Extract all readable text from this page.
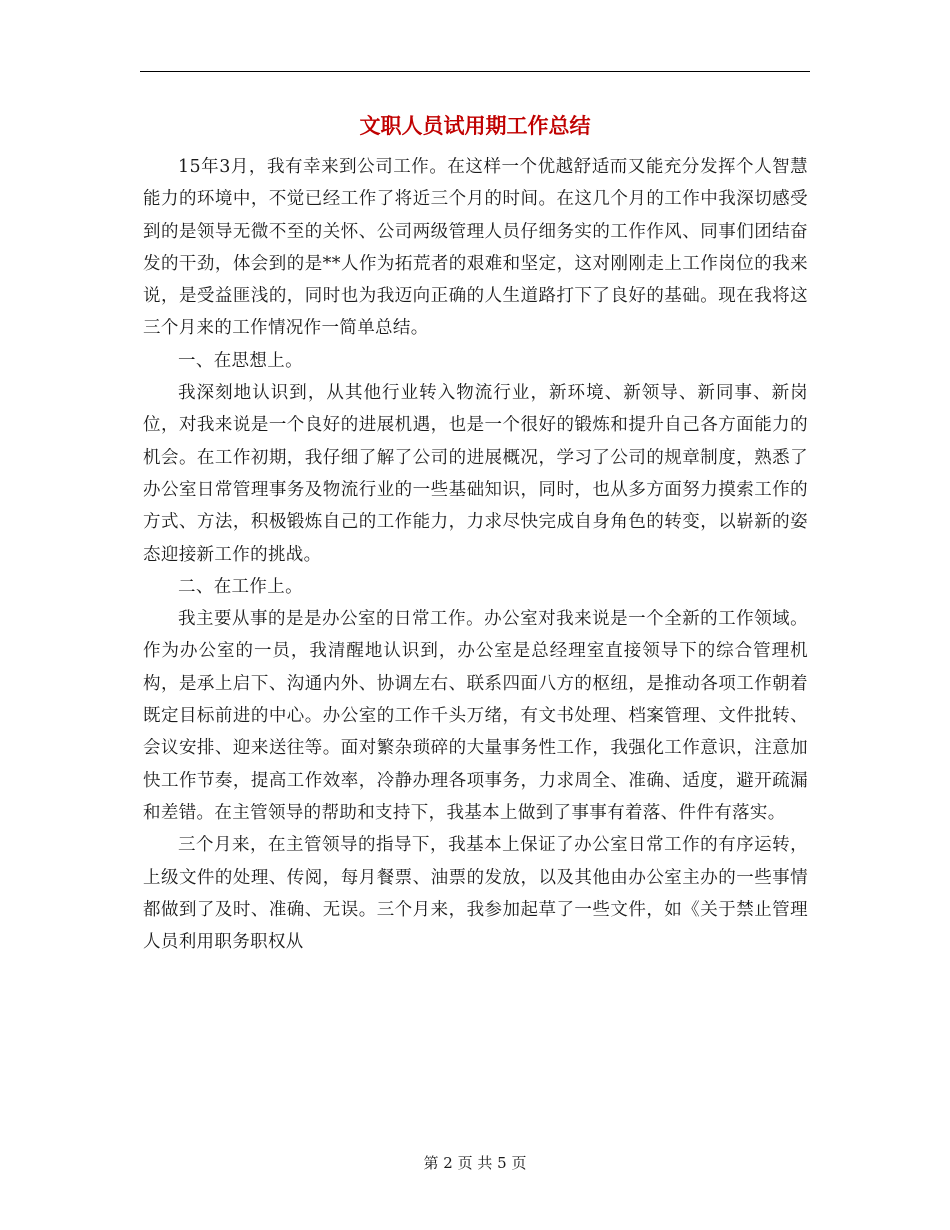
文职人员试用期工作总结

15年3月，我有幸来到公司工作。在这样一个优越舒适而又能充分发挥个人智慧能力的环境中，不觉已经工作了将近三个月的时间。在这几个月的工作中我深切感受到的是领导无微不至的关怀、公司两级管理人员仔细务实的工作作风、同事们团结奋发的干劲，体会到的是**人作为拓荒者的艰难和坚定，这对刚刚走上工作岗位的我来说，是受益匪浅的，同时也为我迈向正确的人生道路打下了良好的基础。现在我将这三个月来的工作情况作一简单总结。

一、在思想上。

我深刻地认识到，从其他行业转入物流行业，新环境、新领导、新同事、新岗位，对我来说是一个良好的进展机遇，也是一个很好的锻炼和提升自己各方面能力的机会。在工作初期，我仔细了解了公司的进展概况，学习了公司的规章制度，熟悉了办公室日常管理事务及物流行业的一些基础知识，同时，也从多方面努力摸索工作的方式、方法，积极锻炼自己的工作能力，力求尽快完成自身角色的转变，以崭新的姿态迎接新工作的挑战。

二、在工作上。

我主要从事的是是办公室的日常工作。办公室对我来说是一个全新的工作领域。作为办公室的一员，我清醒地认识到，办公室是总经理室直接领导下的综合管理机构，是承上启下、沟通内外、协调左右、联系四面八方的枢纽，是推动各项工作朝着既定目标前进的中心。办公室的工作千头万绪，有文书处理、档案管理、文件批转、会议安排、迎来送往等。面对繁杂琐碎的大量事务性工作，我强化工作意识，注意加快工作节奏，提高工作效率，冷静办理各项事务，力求周全、准确、适度，避开疏漏和差错。在主管领导的帮助和支持下，我基本上做到了事事有着落、件件有落实。

三个月来，在主管领导的指导下，我基本上保证了办公室日常工作的有序运转，上级文件的处理、传阅，每月餐票、油票的发放，以及其他由办公室主办的一些事情都做到了及时、准确、无误。三个月来，我参加起草了一些文件，如《关于禁止管理人员利用职务职权从

第 2 页 共 5 页
